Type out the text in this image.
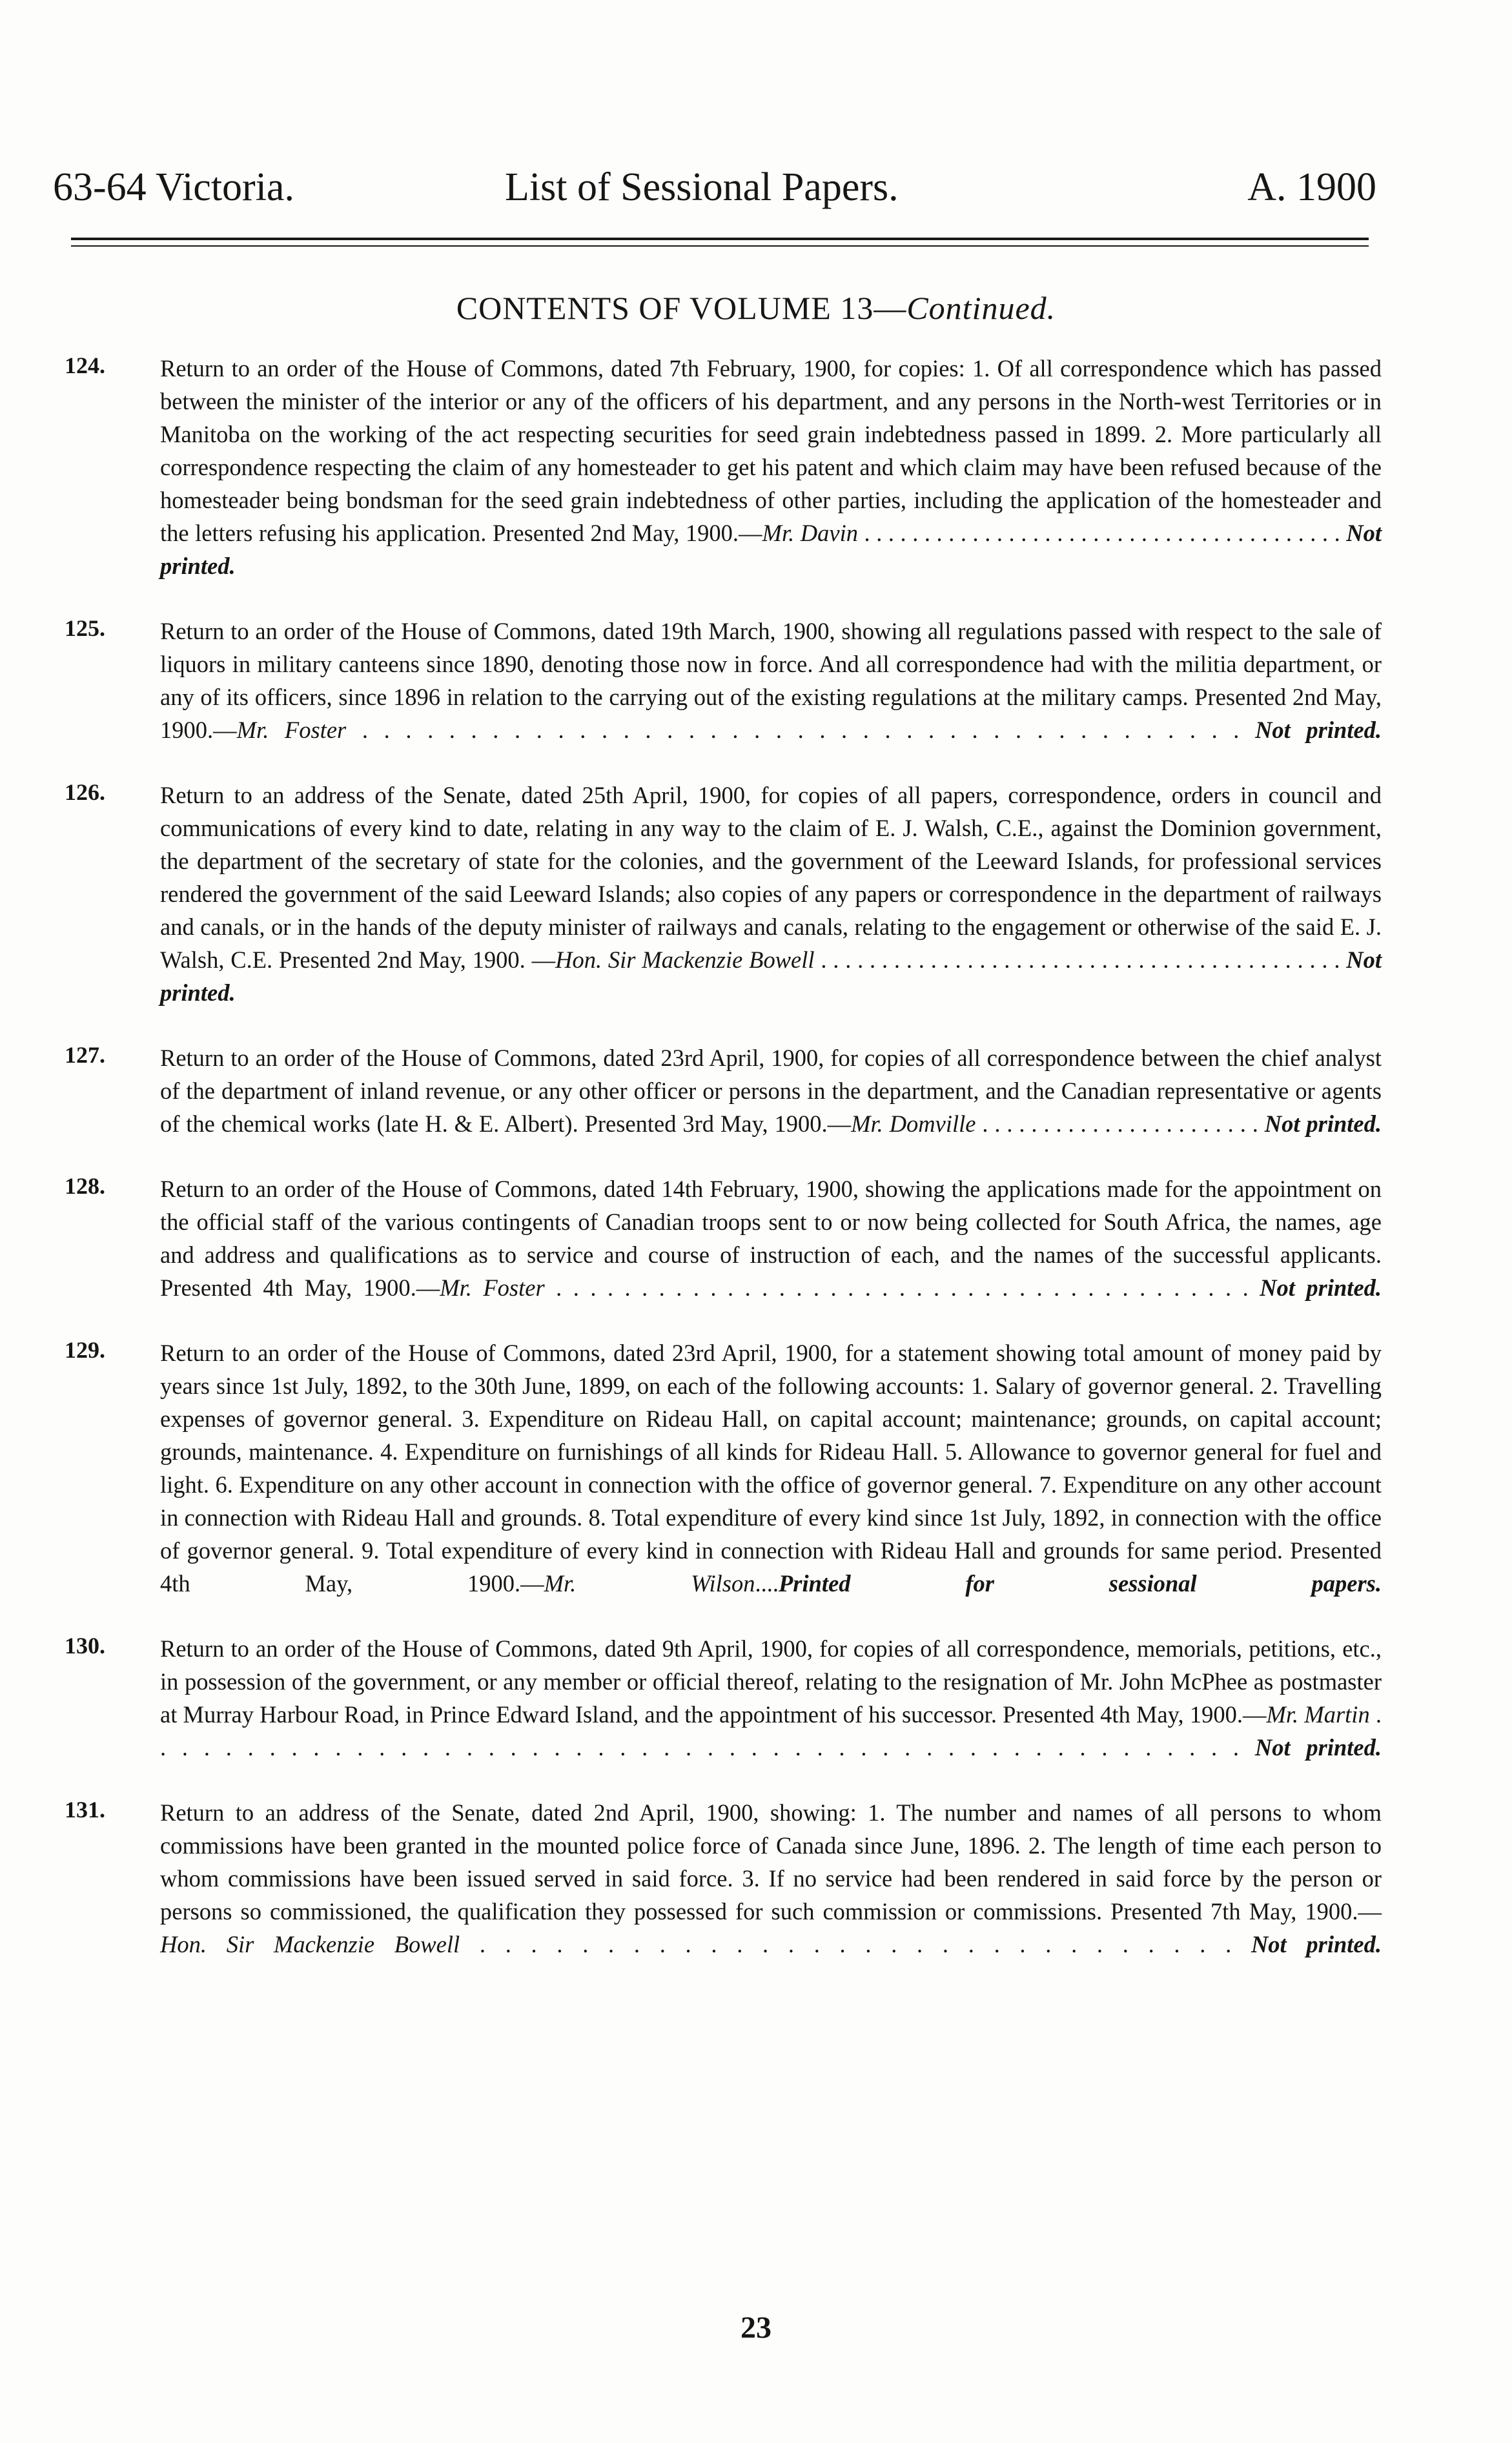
63-64 Victoria.	List of Sessional Papers.	A. 1900
CONTENTS OF VOLUME 13—Continued.
124. Return to an order of the House of Commons, dated 7th February, 1900, for copies: 1. Of all correspondence which has passed between the minister of the interior or any of the officers of his department, and any persons in the North-west Territories or in Manitoba on the working of the act respecting securities for seed grain indebtedness passed in 1899. 2. More particularly all correspondence respecting the claim of any homesteader to get his patent and which claim may have been refused because of the homesteader being bondsman for the seed grain indebtedness of other parties, including the application of the homesteader and the letters refusing his application. Presented 2nd May, 1900.—Mr. Davin . . . . . . . . . . . . . . . . . . . . . . . . . . . . . . . . . . . . . . . . Not printed.
125. Return to an order of the House of Commons, dated 19th March, 1900, showing all regulations passed with respect to the sale of liquors in military canteens since 1890, denoting those now in force. And all correspondence had with the militia department, or any of its officers, since 1896 in relation to the carrying out of the existing regulations at the military camps. Presented 2nd May, 1900.—Mr. Foster . . . . . . . . . . . . . . . . . . . . . . . . . . . . . . . . . . . . . . . . . Not printed.
126. Return to an address of the Senate, dated 25th April, 1900, for copies of all papers, correspondence, orders in council and communications of every kind to date, relating in any way to the claim of E. J. Walsh, C.E., against the Dominion government, the department of the secretary of state for the colonies, and the government of the Leeward Islands, for professional services rendered the government of the said Leeward Islands; also copies of any papers or correspondence in the department of railways and canals, or in the hands of the deputy minister of railways and canals, relating to the engagement or otherwise of the said E. J. Walsh, C.E. Presented 2nd May, 1900. —Hon. Sir Mackenzie Bowell . . . . . . . . . . . . . . . . . . . . . . . . . . . . . . . . . . . . . . . . . . . Not printed.
127. Return to an order of the House of Commons, dated 23rd April, 1900, for copies of all correspondence between the chief analyst of the department of inland revenue, or any other officer or persons in the department, and the Canadian representative or agents of the chemical works (late H. & E. Albert). Presented 3rd May, 1900.—Mr. Domville . . . . . . . . . . . . . . . . . . . . . . . Not printed.
128. Return to an order of the House of Commons, dated 14th February, 1900, showing the applications made for the appointment on the official staff of the various contingents of Canadian troops sent to or now being collected for South Africa, the names, age and address and qualifications as to service and course of instruction of each, and the names of the successful applicants. Presented 4th May, 1900.—Mr. Foster . . . . . . . . . . . . . . . . . . . . . . . . . . . . . . . . . . . . . . . . . Not printed.
129. Return to an order of the House of Commons, dated 23rd April, 1900, for a statement showing total amount of money paid by years since 1st July, 1892, to the 30th June, 1899, on each of the following accounts: 1. Salary of governor general. 2. Travelling expenses of governor general. 3. Expenditure on Rideau Hall, on capital account; maintenance; grounds, on capital account; grounds, maintenance. 4. Expenditure on furnishings of all kinds for Rideau Hall. 5. Allowance to governor general for fuel and light. 6. Expenditure on any other account in connection with the office of governor general. 7. Expenditure on any other account in connection with Rideau Hall and grounds. 8. Total expenditure of every kind since 1st July, 1892, in connection with the office of governor general. 9. Total expenditure of every kind in connection with Rideau Hall and grounds for same period. Presented 4th May, 1900.—Mr. Wilson....Printed for sessional papers.
130. Return to an order of the House of Commons, dated 9th April, 1900, for copies of all correspondence, memorials, petitions, etc., in possession of the government, or any member or official thereof, relating to the resignation of Mr. John McPhee as postmaster at Murray Harbour Road, in Prince Edward Island, and the appointment of his successor. Presented 4th May, 1900.—Mr. Martin . . . . . . . . . . . . . . . . . . . . . . . . . . . . . . . . . . . . . . . . . . . . . . . . . . . Not printed.
131. Return to an address of the Senate, dated 2nd April, 1900, showing: 1. The number and names of all persons to whom commissions have been granted in the mounted police force of Canada since June, 1896. 2. The length of time each person to whom commissions have been issued served in said force. 3. If no service had been rendered in said force by the person or persons so commissioned, the qualification they possessed for such commission or commissions. Presented 7th May, 1900.—Hon. Sir Mackenzie Bowell . . . . . . . . . . . . . . . . . . . . . . . . . . . . . . Not printed.
23
